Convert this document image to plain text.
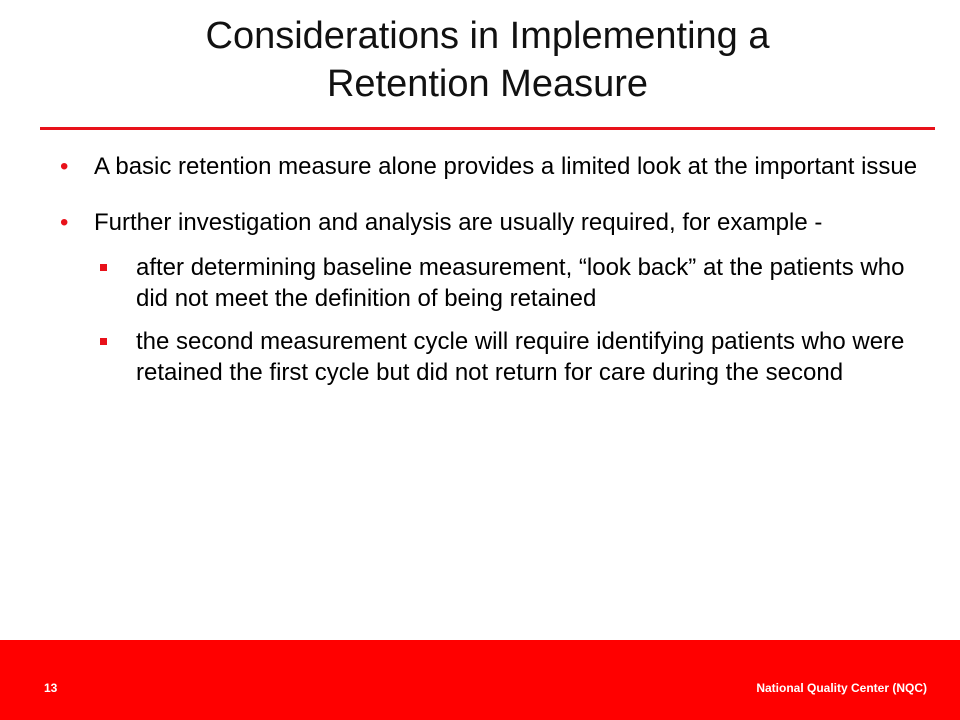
Considerations in Implementing a
Retention Measure
• A basic retention measure alone provides a limited look at the important issue
• Further investigation and analysis are usually required, for example -
after determining baseline measurement, “look back” at the patients who did not meet the definition of being retained
the second measurement cycle will require identifying patients who were retained the first cycle but did not return for care during the second
13	National Quality Center (NQC)
